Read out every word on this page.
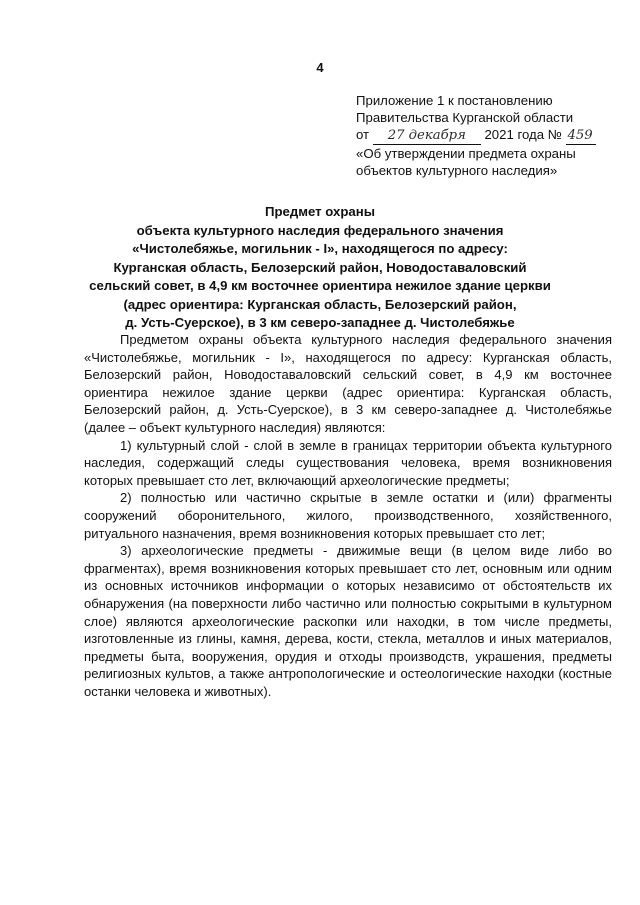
4
Приложение 1 к постановлению
Правительства Курганской области
от 27 декабря 2021 года № 459
«Об утверждении предмета охраны
объектов культурного наследия»
Предмет охраны
объекта культурного наследия федерального значения
«Чистолебяжье, могильник - I», находящегося по адресу:
Курганская область, Белозерский район, Новодоставаловский
сельский совет, в 4,9 км восточнее ориентира нежилое здание церкви
(адрес ориентира: Курганская область, Белозерский район,
д. Усть-Суерское), в 3 км северо-западнее д. Чистолебяжье

Предметом охраны объекта культурного наследия федерального значения «Чистолебяжье, могильник - I», находящегося по адресу: Курганская область, Белозерский район, Новодоставаловский сельский совет, в 4,9 км восточнее ориентира нежилое здание церкви (адрес ориентира: Курганская область, Белозерский район, д. Усть-Суерское), в 3 км северо-западнее д. Чистолебяжье (далее – объект культурного наследия) являются:

1) культурный слой - слой в земле в границах территории объекта культурного наследия, содержащий следы существования человека, время возникновения которых превышает сто лет, включающий археологические предметы;

2) полностью или частично скрытые в земле остатки и (или) фрагменты сооружений оборонительного, жилого, производственного, хозяйственного, ритуального назначения, время возникновения которых превышает сто лет;

3) археологические предметы - движимые вещи (в целом виде либо во фрагментах), время возникновения которых превышает сто лет, основным или одним из основных источников информации о которых независимо от обстоятельств их обнаружения (на поверхности либо частично или полностью сокрытыми в культурном слое) являются археологические раскопки или находки, в том числе предметы, изготовленные из глины, камня, дерева, кости, стекла, металлов и иных материалов, предметы быта, вооружения, орудия и отходы производств, украшения, предметы религиозных культов, а также антропологические и остеологические находки (костные останки человека и животных).
